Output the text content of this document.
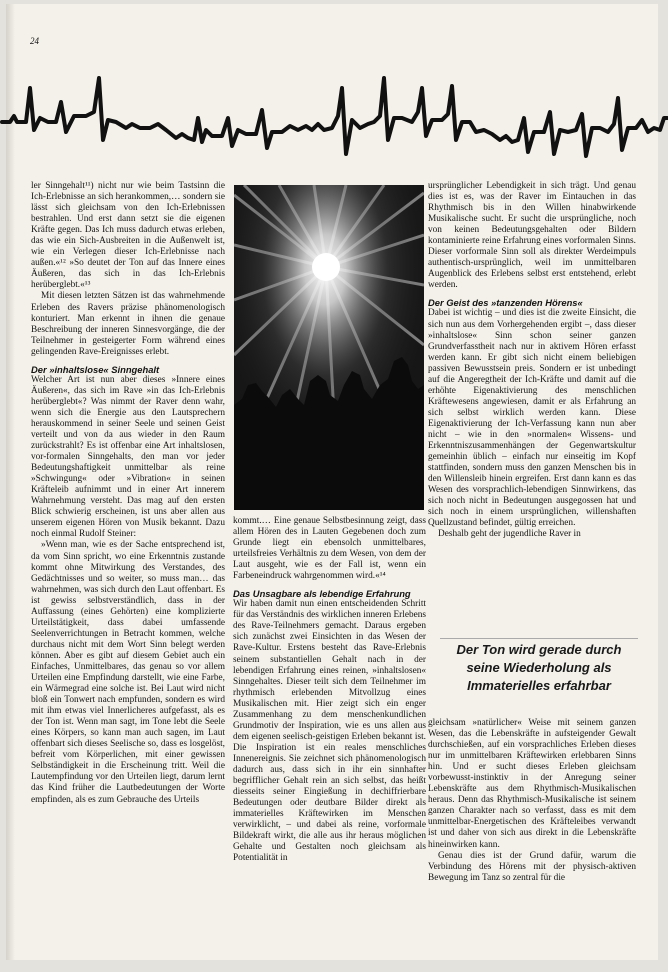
24

ler Sinngehalt¹¹) nicht nur wie beim Tastsinn die Ich-Erlebnisse an sich herankommen,… sondern sie lässt sich gleichsam von den Ich-Erlebnissen bestrahlen. Und erst dann setzt sie die eigenen Kräfte gegen. Das Ich muss dadurch etwas erleben, das wie ein Sich-Ausbreiten in die Außenwelt ist, wie ein Verlegen dieser Ich-Erlebnisse nach außen.«¹² »So deutet der Ton auf das Innere eines Äußeren, das sich in das Ich-Erlebnis herüberglebt.«¹³

Mit diesen letzten Sätzen ist das wahrnehmende Erleben des Ravers präzise phänomenologisch konturiert. Man erkennt in ihnen die genaue Beschreibung der inneren Sinnesvorgänge, die der Teilnehmer in gesteigerter Form während eines gelingenden Rave-Ereignisses erlebt.

Der »inhaltslose« Sinngehalt

Welcher Art ist nun aber dieses »Innere eines Äußeren«, das sich im Rave »in das Ich-Erlebnis herüberglebt«? Was nimmt der Raver denn wahr, wenn sich die Energie aus den Lautsprechern herauskommend in seiner Seele und seinen Geist verteilt und von da aus wieder in den Raum zurückstrahlt? Es ist offenbar eine Art inhaltslosen, vor-formalen Sinngehalts, den man vor jeder Bedeutungshaftigkeit unmittelbar als reine »Schwingung« oder »Vibration« in seinen Kräfteleib aufnimmt und in einer Art innerem Wahrnehmung versteht. Das mag auf den ersten Blick schwierig erscheinen, ist uns aber allen aus unserem eigenen Hören von Musik bekannt. Dazu noch einmal Rudolf Steiner:

»Wenn man, wie es der Sache entsprechend ist, da vom Sinn spricht, wo eine Erkenntnis zustande kommt ohne Mitwirkung des Verstandes, des Gedächtnisses und so weiter, so muss man… das wahrnehmen, was sich durch den Laut offenbart. Es ist gewiss selbstverständlich, dass in der Auffassung (eines Gehörten) eine komplizierte Urteilstätigkeit, dass dabei umfassende Seelenverrichtungen in Betracht kommen, welche durchaus nicht mit dem Wort Sinn belegt werden können. Aber es gibt auf diesem Gebiet auch ein Einfaches, Unmittelbares, das genau so vor allem Urteilen eine Empfindung darstellt, wie eine Farbe, ein Wärmegrad eine solche ist. Bei Laut wird nicht bloß ein Tonwert nach empfunden, sondern es wird mit ihm etwas viel Innerlicheres aufgefasst, als es der Ton ist. Wenn man sagt, im Tone lebt die Seele eines Körpers, so kann man auch sagen, im Laut offenbart sich dieses Seelische so, dass es losgelöst, befreit vom Körperlichen, mit einer gewissen Selbständigkeit in die Erscheinung tritt. Weil die Lautempfindung vor den Urteilen liegt, darum lernt das Kind früher die Lautbedeutungen der Worte empfinden, als es zum Gebrauche des Urteils

kommt.… Eine genaue Selbstbesinnung zeigt, dass allem Hören des in Lauten Gegebenen doch zum Grunde liegt ein ebensolch unmittelbares, urteilsfreies Verhältnis zu dem Wesen, von dem der Laut ausgeht, wie es der Fall ist, wenn ein Farbeneindruck wahrgenommen wird.«¹⁴

Das Unsagbare als lebendige Erfahrung

Wir haben damit nun einen entscheidenden Schritt für das Verständnis des wirklichen inneren Erlebens des Rave-Teilnehmers gemacht. Daraus ergeben sich zunächst zwei Einsichten in das Wesen der Rave-Kultur. Erstens besteht das Rave-Erlebnis seinem substantiellen Gehalt nach in der lebendigen Erfahrung eines reinen, »inhaltslosen« Sinngehaltes. Dieser teilt sich dem Teilnehmer im rhythmisch erlebenden Mitvollzug eines Musikalischen mit. Hier zeigt sich ein enger Zusammenhang zu dem menschenkundlichen Grundmotiv der Inspiration, wie es uns allen aus dem eigenen seelisch-geistigen Erleben bekannt ist. Die Inspiration ist ein reales menschliches Innenereignis. Sie zeichnet sich phänomenologisch dadurch aus, dass sich in ihr ein sinnhafter begrifflicher Gehalt rein an sich selbst, das heißt diesseits seiner Eingießung in dechiffrierbare Bedeutungen oder deutbare Bilder direkt als immaterielles Kräftewirken im Menschen verwirklicht, – und dabei als reine, vorformale Bildekraft wirkt, die alle aus ihr heraus möglichen Gehalte und Gestalten noch gleichsam als Potentialität in

ursprünglicher Lebendigkeit in sich trägt. Und genau dies ist es, was der Raver im Eintauchen in das Rhythmisch bis in den Willen hinabwirkende Musikalische sucht. Er sucht die ursprüngliche, noch von keinen Bedeutungsgehalten oder Bildern kontaminierte reine Erfahrung eines vorformalen Sinns. Dieser vorformale Sinn soll als direkter Werdeimpuls authentisch-ursprünglich, weil im unmittelbaren Augenblick des Erlebens selbst erst entstehend, erlebt werden.

Der Geist des »tanzenden Hörens«

Dabei ist wichtig – und dies ist die zweite Einsicht, die sich nun aus dem Vorhergehenden ergibt –, dass dieser »inhaltslose« Sinn schon seiner ganzen Grundverfasstheit nach nur in aktivem Hören erfasst werden kann. Er gibt sich nicht einem beliebigen passiven Bewusstsein preis. Sondern er ist unbedingt auf die Angeregtheit der Ich-Kräfte und damit auf die erhöhte Eigenaktivierung des menschlichen Kräftewesens angewiesen, damit er als Erfahrung an sich selbst wirklich werden kann. Diese Eigenaktivierung der Ich-Verfassung kann nun aber nicht – wie in den »normalen« Wissens- und Erkenntniszusammenhängen der Gegenwartskultur gemeinhin üblich – einfach nur einseitig im Kopf stattfinden, sondern muss den ganzen Menschen bis in den Willensleib hinein ergreifen. Erst dann kann es das Wesen des vorsprachlich-lebendigen Sinnwirkens, das sich noch nicht in Bedeutungen ausgegossen hat und sich noch in einem ursprünglichen, willenshaften Quellzustand befindet, gültig erreichen.

Deshalb geht der jugendliche Raver in

Der Ton wird gerade durch seine Wiederholung als Immaterielles erfahrbar

gleichsam »natürlicher« Weise mit seinem ganzen Wesen, das die Lebenskräfte in aufsteigender Gewalt durchschießen, auf ein vorsprachliches Erleben dieses nur im unmittelbaren Kräftewirken erlebbaren Sinns hin. Und er sucht dieses Erleben gleichsam vorbewusst-instinktiv in der Anregung seiner Lebenskräfte aus dem Rhythmisch-Musikalischen heraus. Denn das Rhythmisch-Musikalische ist seinem ganzen Charakter nach so verfasst, dass es mit dem unmittelbar-Energetischen des Kräfteleibes verwandt ist und daher von sich aus direkt in die Lebenskräfte hineinwirken kann.

Genau dies ist der Grund dafür, warum die Verbindung des Hörens mit der physisch-aktiven Bewegung im Tanz so zentral für die
